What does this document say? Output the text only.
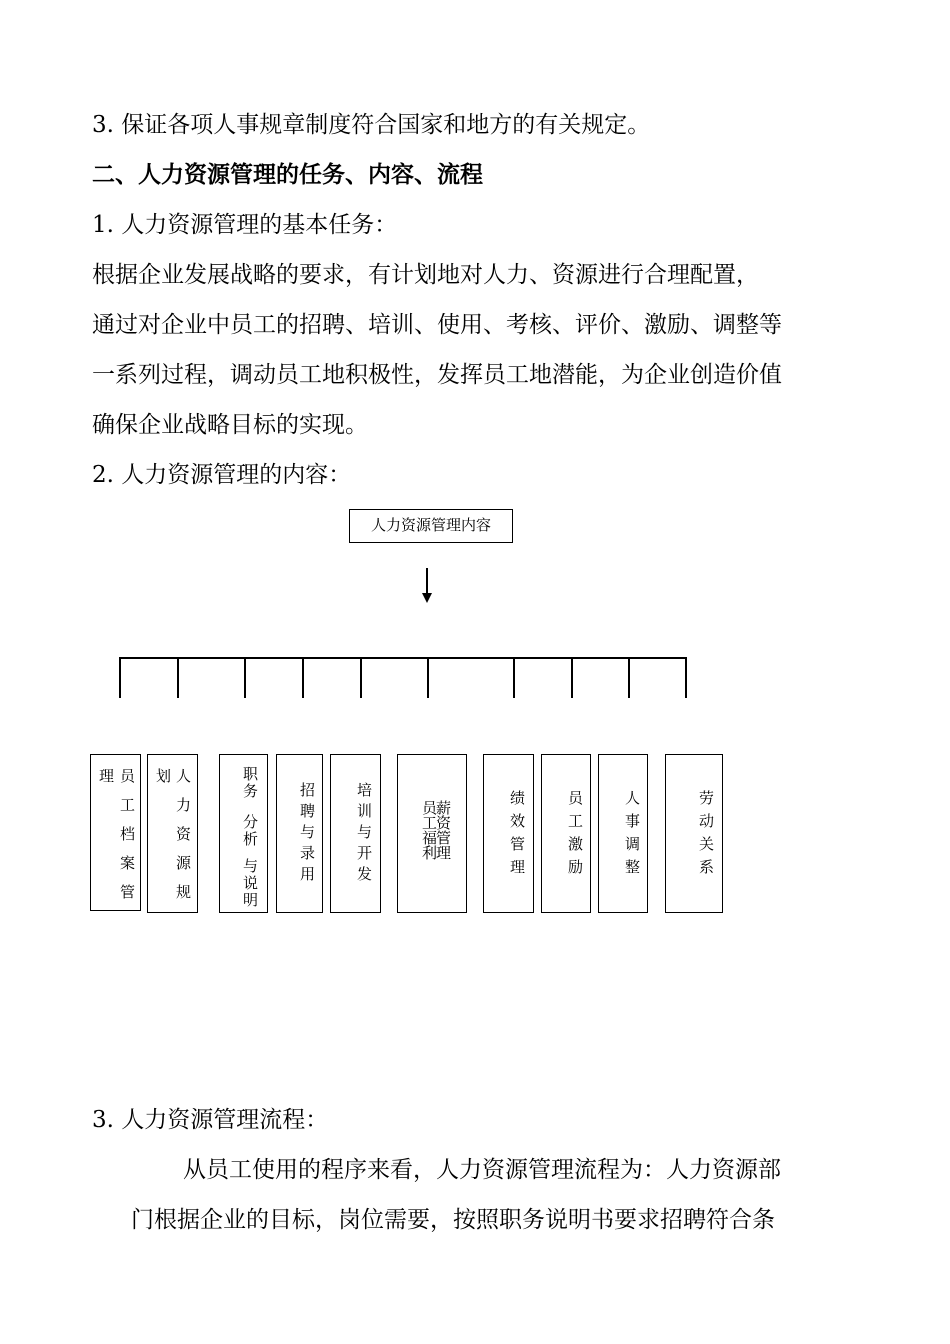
3. 保证各项人事规章制度符合国家和地方的有关规定。
二、人力资源管理的任务、内容、流程
1. 人力资源管理的基本任务：
根据企业发展战略的要求，有计划地对人力、资源进行合理配置，
通过对企业中员工的招聘、培训、使用、考核、评价、激励、调整等
一系列过程，调动员工地积极性，发挥员工地潜能，为企业创造价值
确保企业战略目标的实现。
2. 人力资源管理的内容：
人力资源管理内容
员
工
档
案
管
理	人
力
资
源
规
划	职
务
分
析
与
说
明
招
聘
与
录
用
培
训
与
开
发
薪
资
管
理
员
工
福
利
绩
效
管
理
员
工
激
励
人
事
调
整
劳
动
关
系
3. 人力资源管理流程：
从员工使用的程序来看，人力资源管理流程为：人力资源部
门根据企业的目标，岗位需要，按照职务说明书要求招聘符合条
